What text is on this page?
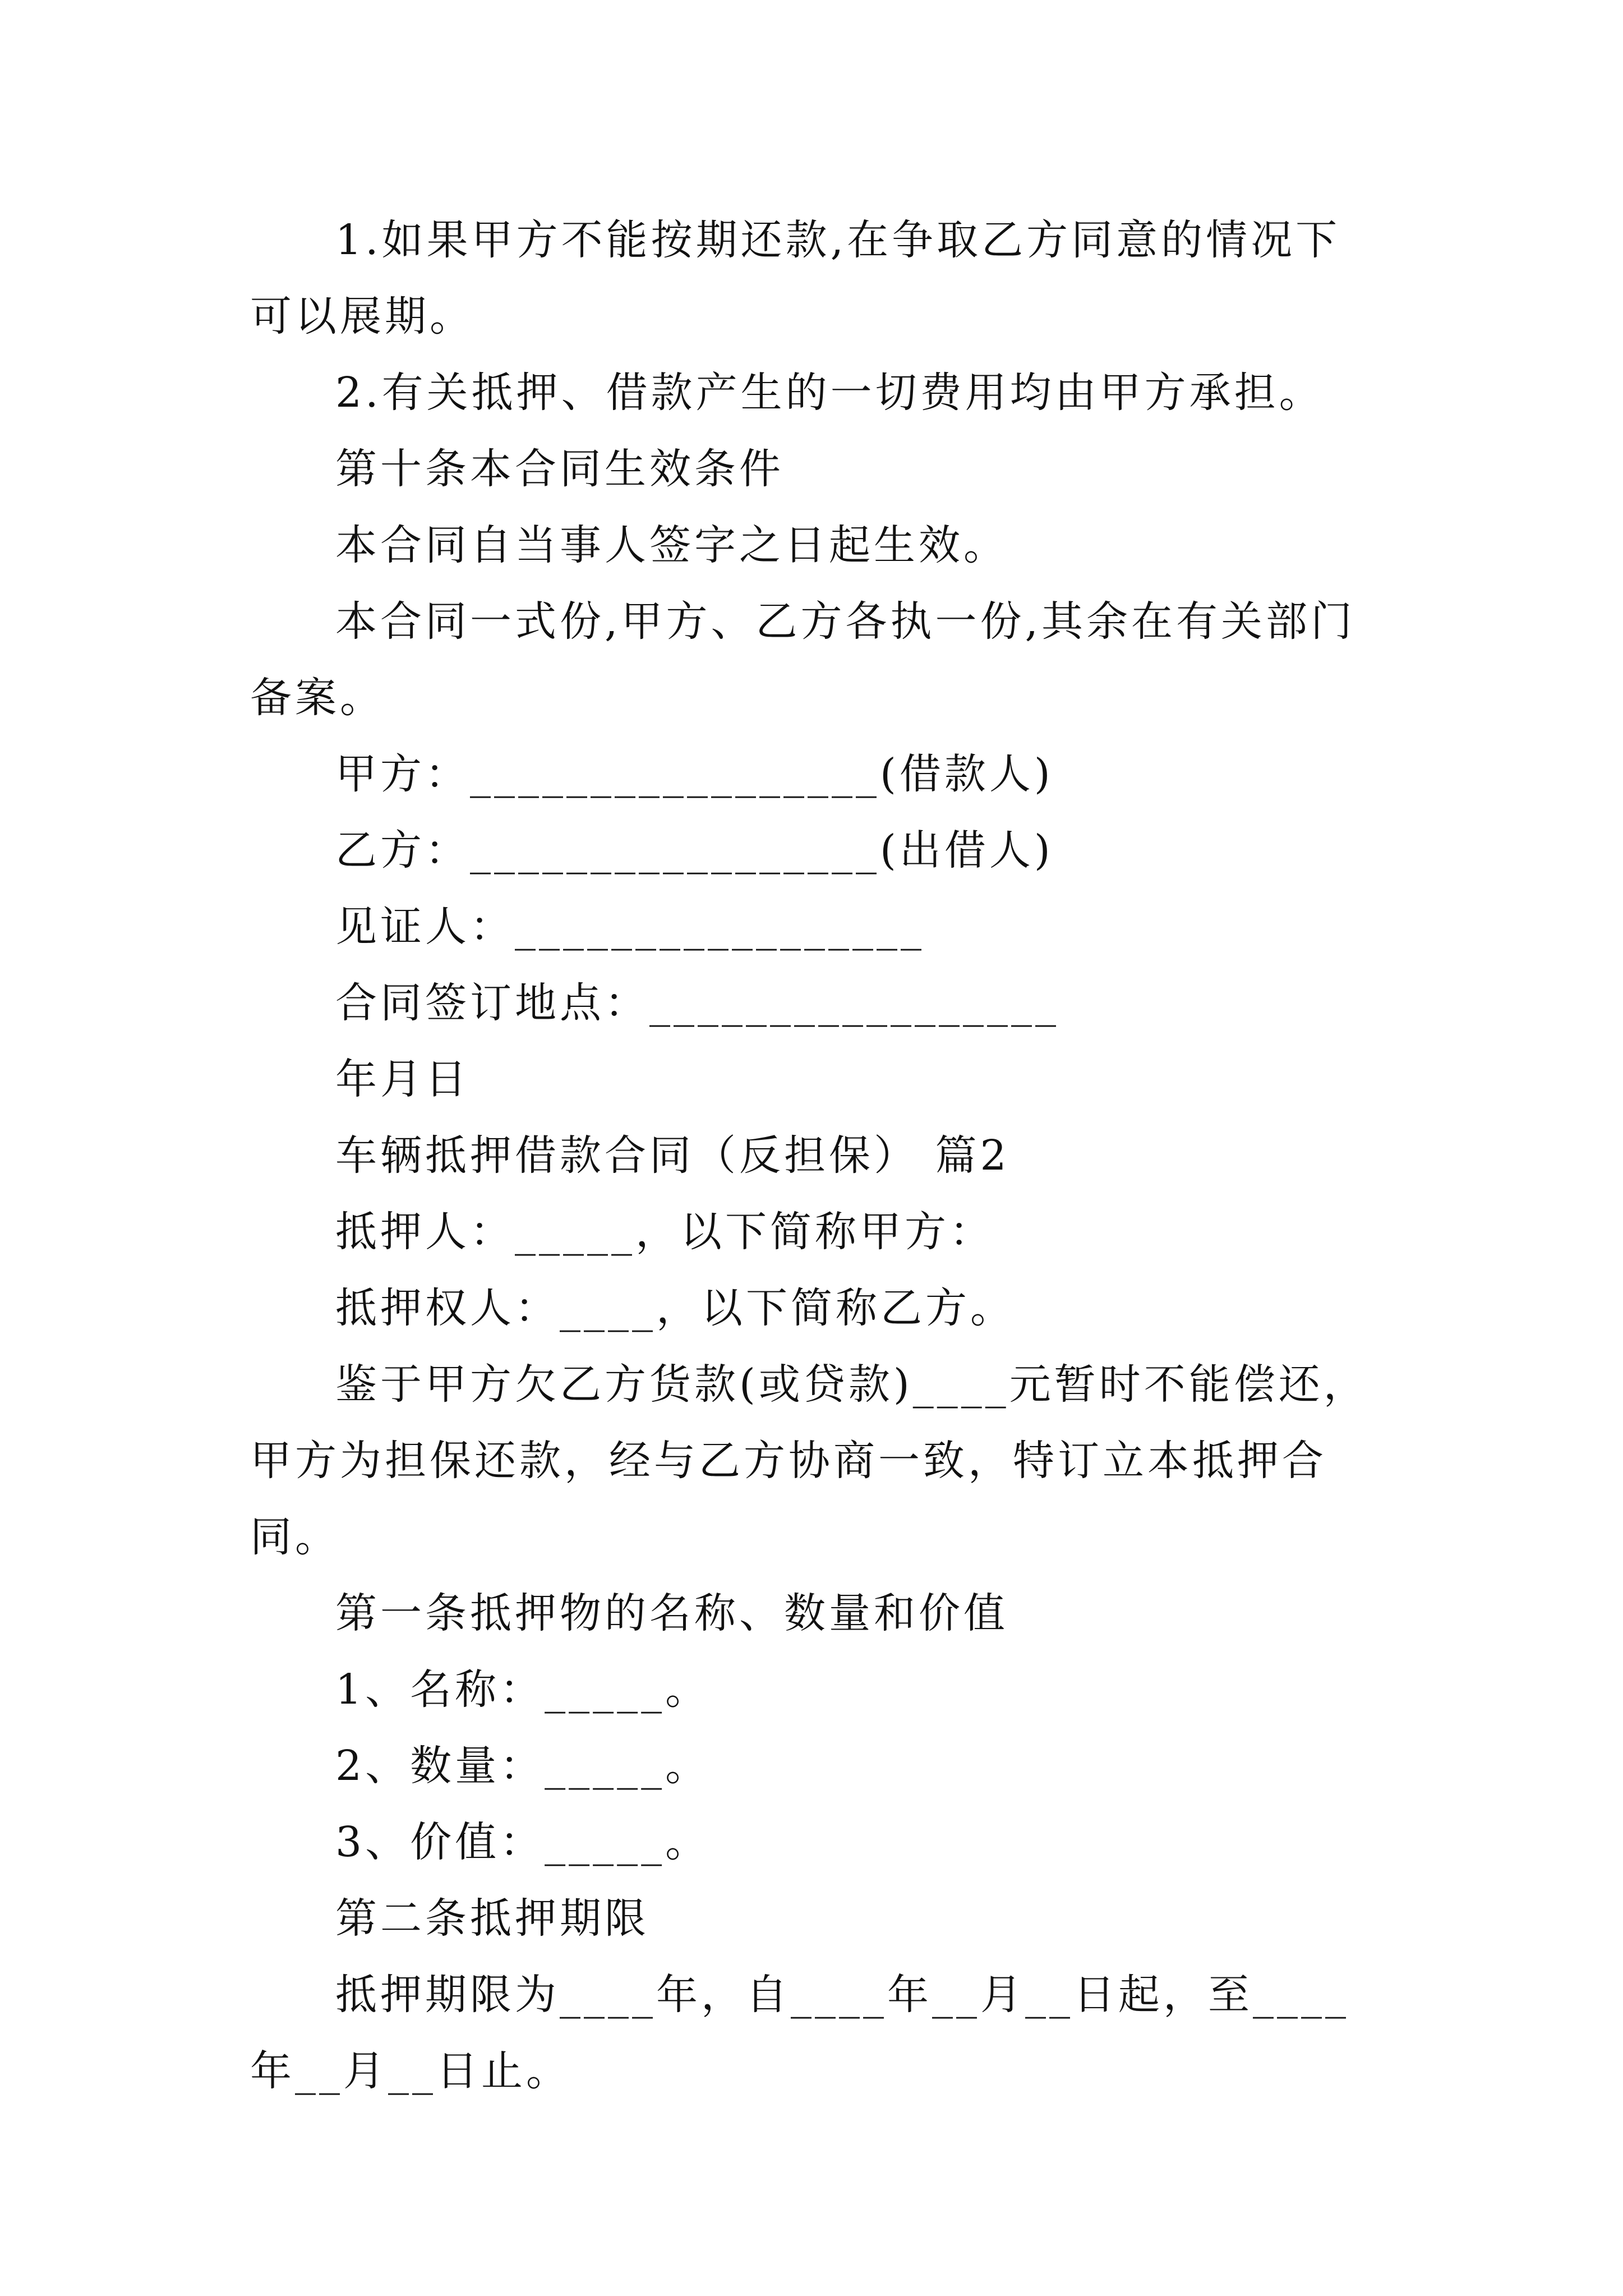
1.如果甲方不能按期还款,在争取乙方同意的情况下可以展期。

2.有关抵押、借款产生的一切费用均由甲方承担。

第十条本合同生效条件

本合同自当事人签字之日起生效。

本合同一式份,甲方、乙方各执一份,其余在有关部门备案。

甲方：_________________(借款人)

乙方：_________________(出借人)

见证人：_________________

合同签订地点：_________________

年月日

车辆抵押借款合同（反担保） 篇2

抵押人：_____，以下简称甲方：

抵押权人：____，以下简称乙方。

鉴于甲方欠乙方货款(或贷款)____元暂时不能偿还，甲方为担保还款，经与乙方协商一致，特订立本抵押合同。

第一条抵押物的名称、数量和价值

1、名称：_____。

2、数量：_____。

3、价值：_____。

第二条抵押期限

抵押期限为____年，自____年__月__日起，至____年__月__日止。
